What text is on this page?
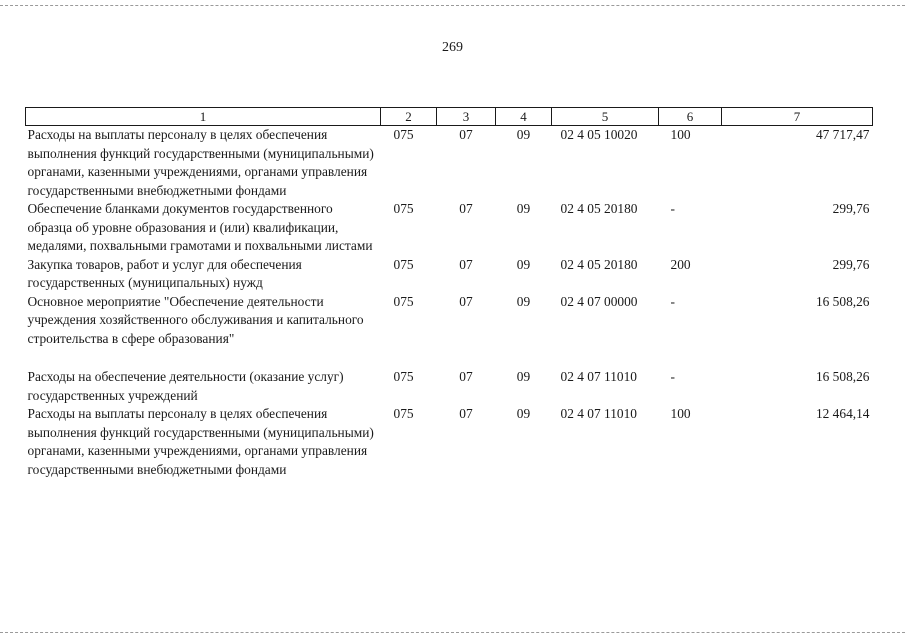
269
1	2	3	4	5	6	7
Расходы на выплаты персоналу в целях обеспечения выполнения функций государственными (муниципальными) органами, казенными учреждениями, органами управления государственными внебюджетными фондами	075	07	09	02 4 05 10020	100	47 717,47
Обеспечение бланками документов государственного образца об уровне образования и (или) квалификации, медалями, похвальными грамотами и похвальными листами	075	07	09	02 4 05 20180	-	299,76
Закупка товаров, работ и услуг для обеспечения государственных (муниципальных) нужд	075	07	09	02 4 05 20180	200	299,76
Основное мероприятие "Обеспечение деятельности учреждения хозяйственного обслуживания и капитального строительства в сфере образования"	075	07	09	02 4 07 00000	-	16 508,26
Расходы на обеспечение деятельности (оказание услуг) государственных учреждений	075	07	09	02 4 07 11010	-	16 508,26
Расходы на выплаты персоналу в целях обеспечения выполнения функций государственными (муниципальными) органами, казенными учреждениями, органами управления государственными внебюджетными фондами	075	07	09	02 4 07 11010	100	12 464,14
